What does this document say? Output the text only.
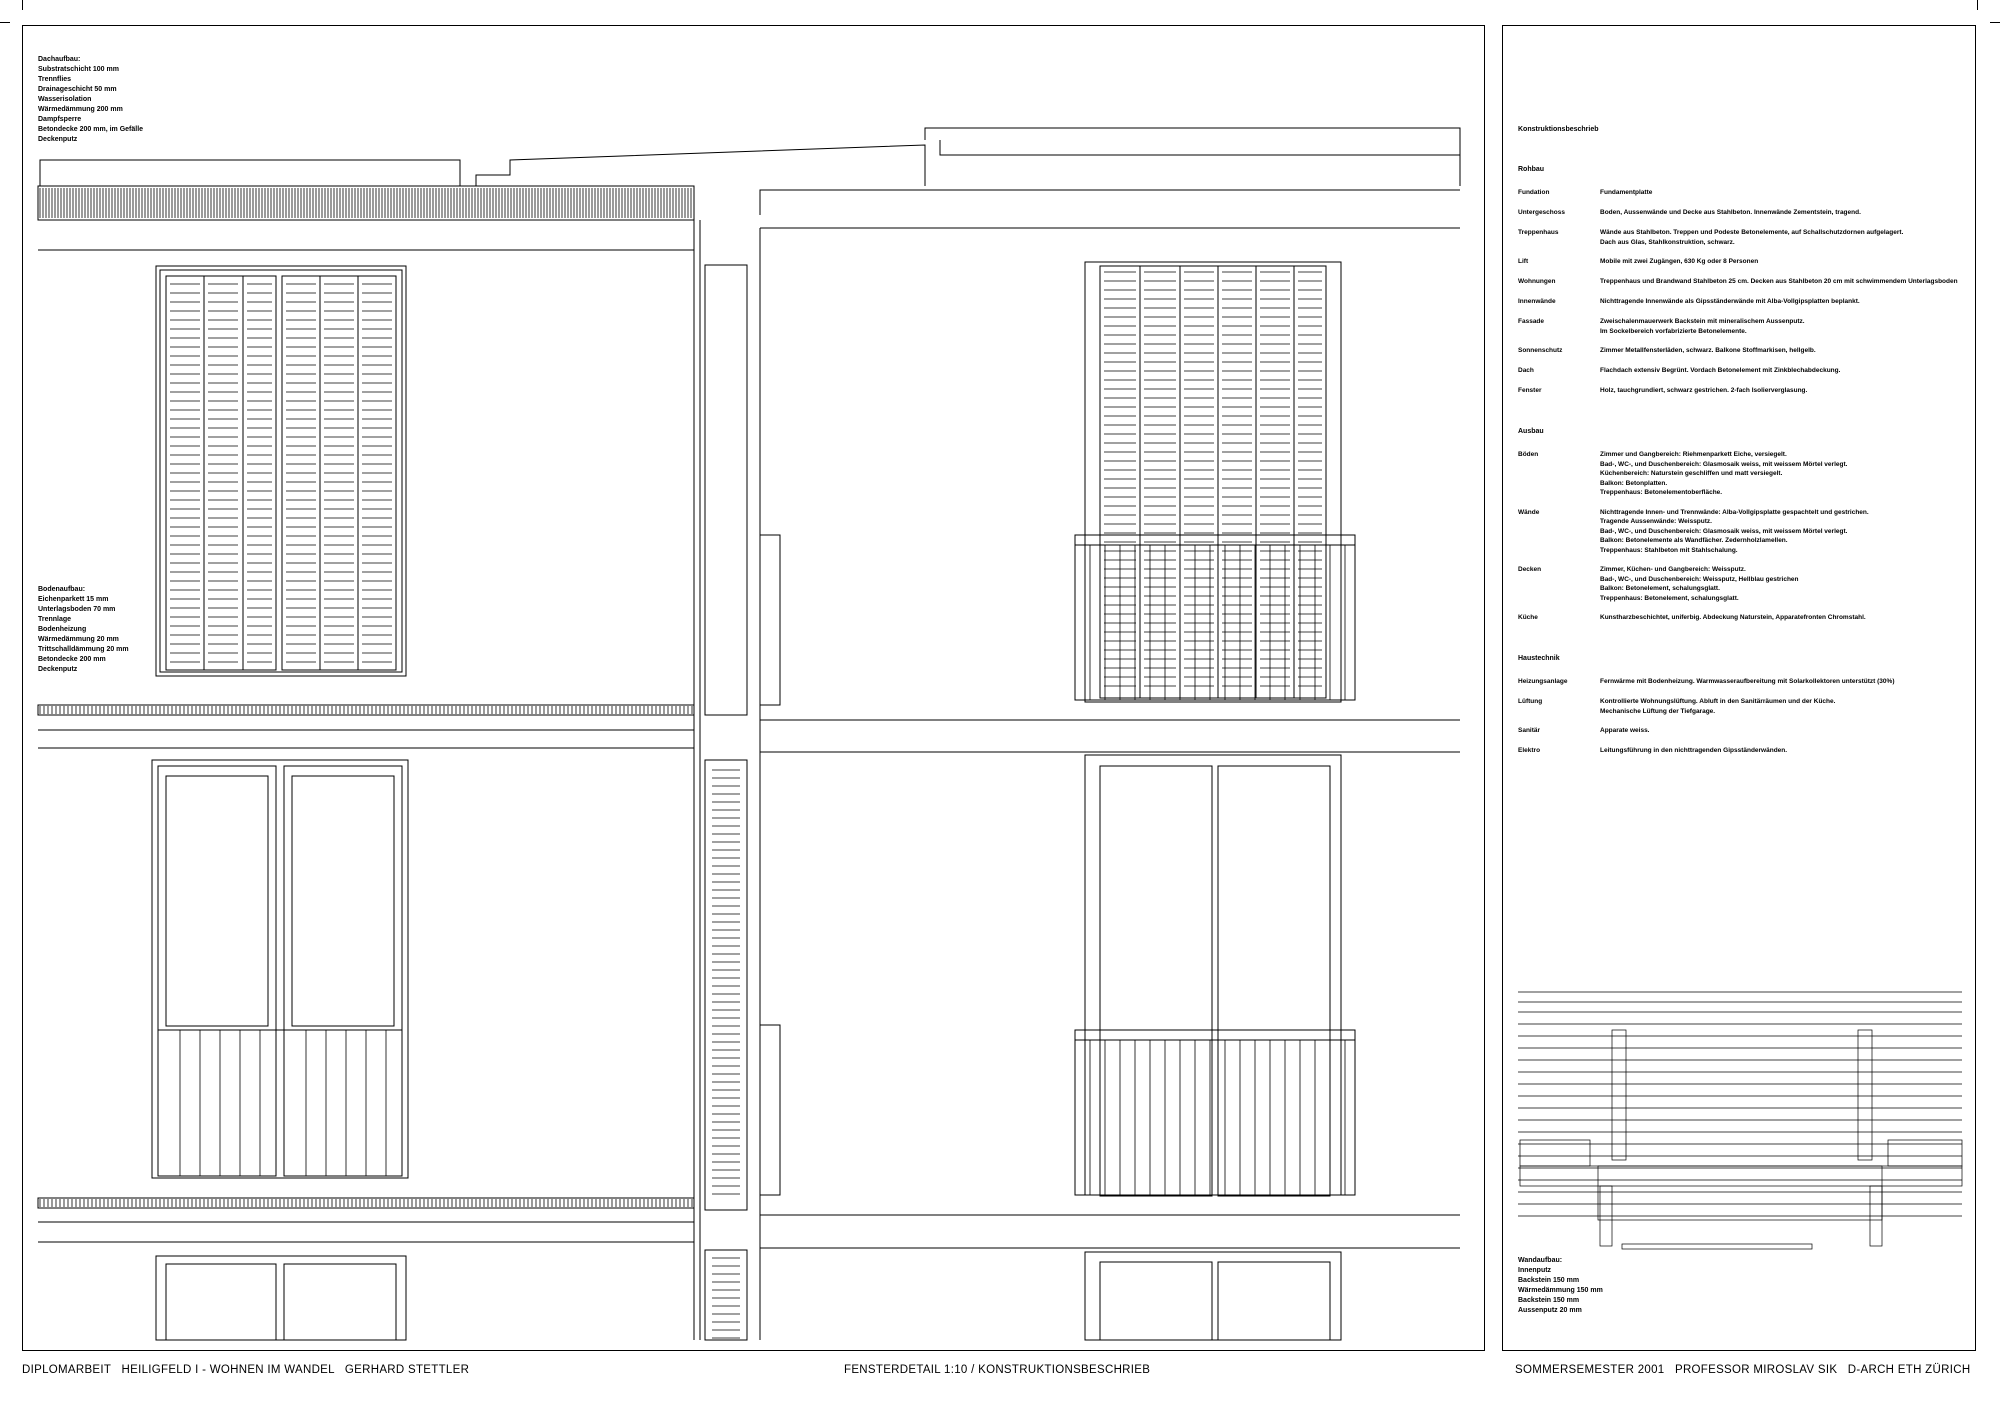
Dachaufbau:
Substratschicht 100 mm
Trennflies
Drainageschicht 50 mm
Wasserisolation
Wärmedämmung 200 mm
Dampfsperre
Betondecke 200 mm, im Gefälle
Deckenputz
Bodenaufbau:
Eichenparkett 15 mm
Unterlagsboden 70 mm
Trennlage
Bodenheizung
Wärmedämmung 20 mm
Trittschalldämmung 20 mm
Betondecke 200 mm
Deckenputz
Wandaufbau:
Innenputz
Backstein 150 mm
Wärmedämmung 150 mm
Backstein 150 mm
Aussenputz 20 mm
Konstruktionsbeschrieb
Rohbau
Fundation	Fundamentplatte
Untergeschoss	Boden, Aussenwände und Decke aus Stahlbeton. Innenwände Zementstein, tragend.
Treppenhaus	Wände aus Stahlbeton. Treppen und Podeste Betonelemente, auf Schallschutzdornen aufgelagert.
Dach aus Glas, Stahlkonstruktion, schwarz.
Lift	Mobile mit zwei Zugängen, 630 Kg oder 8 Personen
Wohnungen	Treppenhaus und Brandwand Stahlbeton 25 cm. Decken aus Stahlbeton 20 cm mit schwimmendem Unterlagsboden
Innenwände	Nichttragende Innenwände als Gipsständerwände mit Alba-Vollgipsplatten beplankt.
Fassade	Zweischalenmauerwerk Backstein mit mineralischem Aussenputz.
Im Sockelbereich vorfabrizierte Betonelemente.
Sonnenschutz	Zimmer Metallfensterläden, schwarz. Balkone Stoffmarkisen, hellgelb.
Dach	Flachdach extensiv Begrünt. Vordach Betonelement mit Zinkblechabdeckung.
Fenster	Holz, tauchgrundiert, schwarz gestrichen. 2-fach Isolierverglasung.
Ausbau
Böden	Zimmer und Gangbereich: Riehmenparkett Eiche, versiegelt.
Bad-, WC-, und Duschenbereich: Glasmosaik weiss, mit weissem Mörtel verlegt.
Küchenbereich: Naturstein geschliffen und matt versiegelt.
Balkon: Betonplatten.
Treppenhaus: Betonelementoberfläche.
Wände	Nichttragende Innen- und Trennwände: Alba-Vollgipsplatte gespachtelt und gestrichen.
Tragende Aussenwände: Weissputz.
Bad-, WC-, und Duschenbereich: Glasmosaik weiss, mit weissem Mörtel verlegt.
Balkon: Betonelemente als Wandfächer. Zedernholzlamellen.
Treppenhaus: Stahlbeton mit Stahlschalung.
Decken	Zimmer, Küchen- und Gangbereich: Weissputz.
Bad-, WC-, und Duschenbereich: Weissputz, Hellblau gestrichen
Balkon: Betonelement, schalungsglatt.
Treppenhaus: Betonelement, schalungsglatt.
Küche	Kunstharzbeschichtet, uniferbig. Abdeckung Naturstein, Apparatefronten Chromstahl.
Haustechnik
Heizungsanlage	Fernwärme mit Bodenheizung. Warmwasseraufbereitung mit Solarkollektoren unterstützt (30%)
Lüftung	Kontrollierte Wohnungslüftung. Abluft in den Sanitärräumen und der Küche.
Mechanische Lüftung der Tiefgarage.
Sanitär	Apparate weiss.
Elektro	Leitungsführung in den nichttragenden Gipsständerwänden.
DIPLOMARBEIT   HEILIGFELD I - WOHNEN IM WANDEL   GERHARD STETTLER	FENSTERDETAIL 1:10 / KONSTRUKTIONSBESCHRIEB	SOMMERSEMESTER 2001   PROFESSOR MIROSLAV SIK   D-ARCH ETH ZÜRICH
